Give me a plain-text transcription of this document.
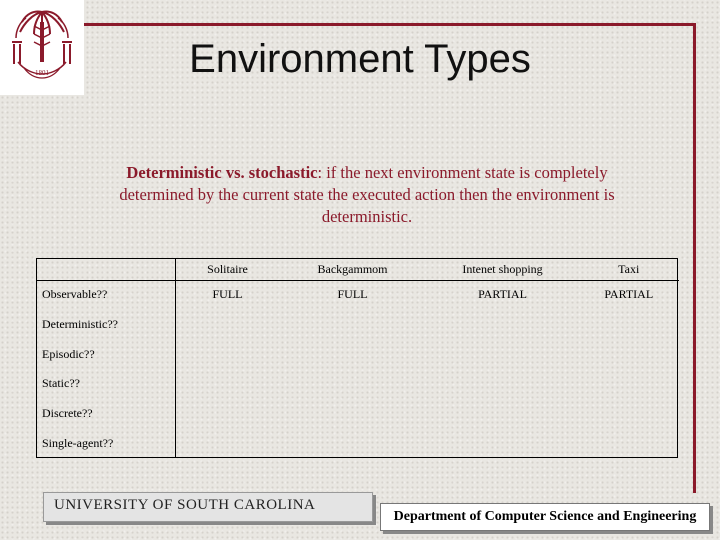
1801	Environment Types
Deterministic vs. stochastic: if the next environment state is completely determined by the current state the executed action then the environment is deterministic.
	Solitaire	Backgammom	Intenet shopping	Taxi
Observable??	FULL	FULL	PARTIAL	PARTIAL
Deterministic??				
Episodic??				
Static??				
Discrete??				
Single-agent??				
UNIVERSITY OF SOUTH CAROLINA
Department of Computer Science and Engineering
